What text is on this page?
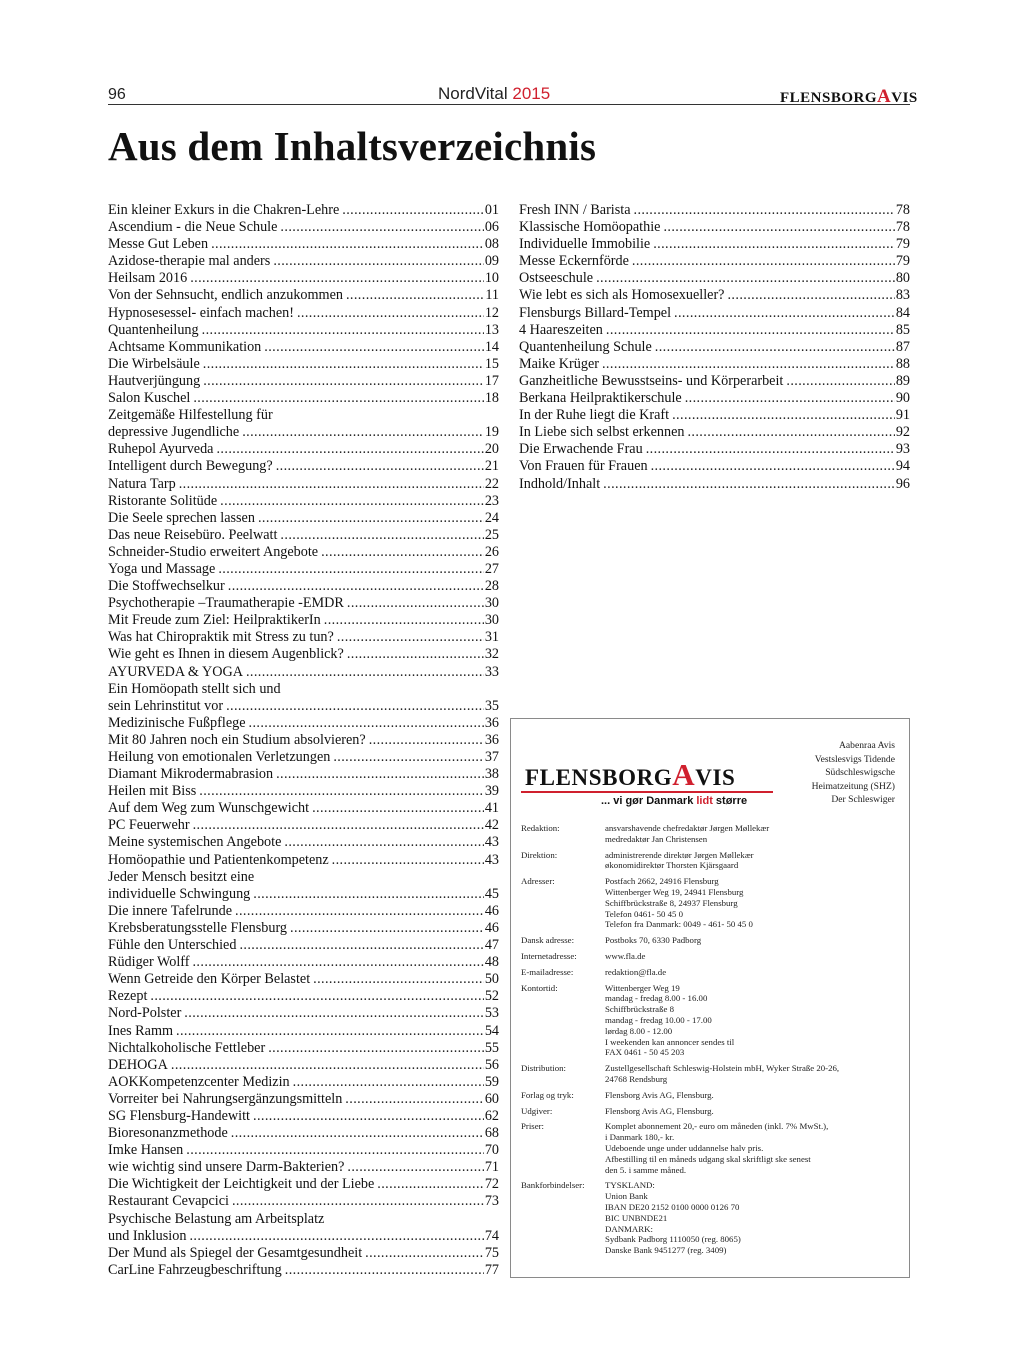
96	NordVital 2015	FLENSBORGAVIS
Aus dem Inhaltsverzeichnis
Ein kleiner Exkurs in die Chakren-Lehre .....	01
Ascendium - die Neue Schule .....	06
Messe Gut Leben .....	08
Azidose-therapie mal anders .....	09
Heilsam 2016 .....	10
Von der Sehnsucht, endlich anzukommen .....	11
Hypnosesessel- einfach machen! .....	12
Quantenheilung .....	13
Achtsame Kommunikation .....	14
Die Wirbelsäule .....	15
Hautverjüngung .....	17
Salon Kuschel .....	18
Zeitgemäße Hilfestellung für
depressive Jugendliche .....	19
Ruhepol Ayurveda .....	20
Intelligent durch Bewegung? .....	21
Natura Tarp .....	22
Ristorante Solitüde .....	23
Die Seele sprechen lassen .....	24
Das neue Reisebüro. Peelwatt .....	25
Schneider-Studio erweitert Angebote .....	26
Yoga und Massage .....	27
Die Stoffwechselkur .....	28
Psychotherapie –Traumatherapie -EMDR .....	30
Mit Freude zum Ziel: HeilpraktikerIn .....	30
Was hat Chiropraktik mit Stress zu tun? .....	31
Wie geht es Ihnen in diesem Augenblick? .....	32
AYURVEDA & YOGA .....	33
Ein Homöopath stellt sich und
sein Lehrinstitut vor .....	35
Medizinische Fußpflege .....	36
Mit 80 Jahren noch ein Studium absolvieren? .....	36
Heilung von emotionalen Verletzungen .....	37
Diamant Mikrodermabrasion .....	38
Heilen mit Biss .....	39
Auf dem Weg zum Wunschgewicht .....	41
PC Feuerwehr .....	42
Meine systemischen Angebote .....	43
Homöopathie und Patientenkompetenz .....	43
Jeder Mensch besitzt eine
individuelle Schwingung .....	45
Die innere Tafelrunde .....	46
Krebsberatungsstelle Flensburg .....	46
Fühle den Unterschied .....	47
Rüdiger Wolff .....	48
Wenn Getreide den Körper Belastet .....	50
Rezept .....	52
Nord-Polster .....	53
Ines Ramm .....	54
Nichtalkoholische Fettleber .....	55
DEHOGA .....	56
AOKKompetenzcenter Medizin .....	59
Vorreiter bei Nahrungsergänzungsmitteln .....	60
SG Flensburg-Handewitt .....	62
Bioresonanzmethode .....	68
Imke Hansen .....	70
wie wichtig sind unsere Darm-Bakterien? .....	71
Die Wichtigkeit der Leichtigkeit und der Liebe .....	72
Restaurant Cevapcici .....	73
Psychische Belastung am Arbeitsplatz
und Inklusion .....	74
Der Mund als Spiegel der Gesamtgesundheit .....	75
CarLine Fahrzeugbeschriftung .....	77
Fresh INN / Barista .....	78
Klassische Homöopathie .....	78
Individuelle Immobilie .....	79
Messe Eckernförde .....	79
Ostseeschule .....	80
Wie lebt es sich als Homosexueller? .....	83
Flensburgs Billard-Tempel .....	84
4 Haareszeiten .....	85
Quantenheilung Schule .....	87
Maike Krüger .....	88
Ganzheitliche Bewusstseins- und Körperarbeit .....	89
Berkana Heilpraktikerschule .....	90
In der Ruhe liegt die Kraft .....	91
In Liebe sich selbst erkennen .....	92
Die Erwachende Frau .....	93
Von Frauen für Frauen .....	94
Indhold/Inhalt .....	96
FLENSBORGAVIS
... vi gør Danmark lidt større
Aabenraa Avis
Vestslesvigs Tidende
Südschleswigsche
Heimatzeitung (SHZ)
Der Schleswiger
Redaktion:	ansvarshavende chefredaktør Jørgen Møllekær
medredaktør Jan Christensen
Direktion:	administrerende direktør Jørgen Møllekær
økonomidirektør Thorsten Kjärsgaard
Adresser:	Postfach 2662, 24916 Flensburg
Wittenberger Weg 19, 24941 Flensburg
Schiffbrückstraße 8, 24937 Flensburg
Telefon 0461- 50 45 0
Telefon fra Danmark: 0049 - 461- 50 45 0
Dansk adresse:	Postboks 70, 6330 Padborg
Internetadresse:	www.fla.de
E-mailadresse:	redaktion@fla.de
Kontortid:	Wittenberger Weg 19
mandag - fredag 8.00 - 16.00
Schiffbrückstraße 8
mandag - fredag 10.00 - 17.00
lørdag 8.00 - 12.00
I weekenden kan annoncer sendes til
FAX 0461 - 50 45 203
Distribution:	Zustellgesellschaft Schleswig-Holstein mbH, Wyker Straße 20-26,
24768 Rendsburg
Forlag og tryk:	Flensborg Avis AG, Flensburg.
Udgiver:	Flensborg Avis AG, Flensburg.
Priser:	Komplet abonnement 20,- euro om måneden (inkl. 7% MwSt.),
i Danmark 180,- kr.
Udeboende unge under uddannelse halv pris.
Afbestilling til en måneds udgang skal skriftligt ske senest
den 5. i samme måned.
Bankforbindelser:	TYSKLAND:
Union Bank
IBAN DE20 2152 0100 0000 0126 70
BIC UNBNDE21
DANMARK:
Sydbank Padborg 1110050 (reg. 8065)
Danske Bank 9451277 (reg. 3409)
